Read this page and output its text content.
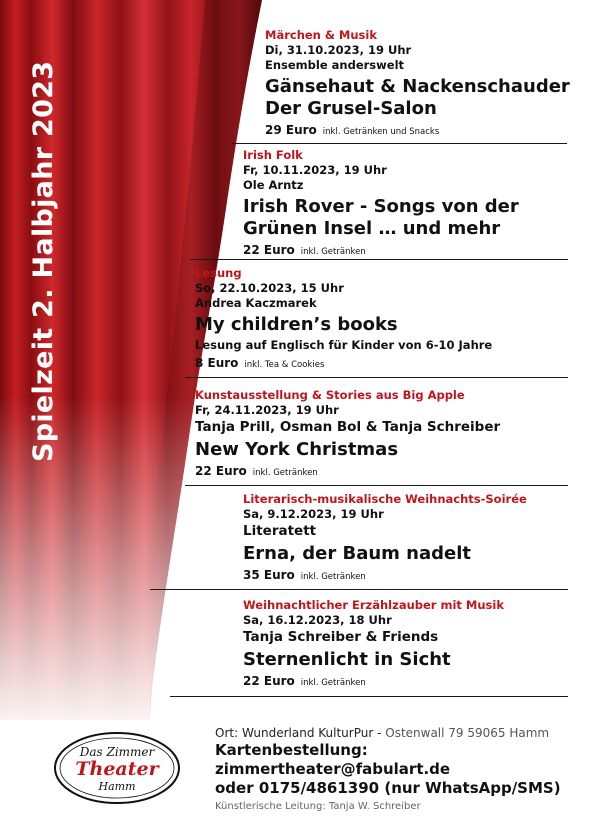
Spielzeit 2. Halbjahr 2023
Märchen & Musik
Di, 31.10.2023, 19 Uhr
Ensemble anderswelt
Gänsehaut & Nackenschauder
Der Grusel-Salon
29 Euro inkl. Getränken und Snacks
Irish Folk
Fr, 10.11.2023, 19 Uhr
Ole Arntz
Irish Rover - Songs von der
Grünen Insel … und mehr
22 Euro inkl. Getränken
Lesung
So, 22.10.2023, 15 Uhr
Andrea Kaczmarek
My children’s books
Lesung auf Englisch für Kinder von 6-10 Jahre
8 Euro inkl. Tea & Cookies
Kunstausstellung & Stories aus Big Apple
Fr, 24.11.2023, 19 Uhr
Tanja Prill, Osman Bol & Tanja Schreiber
New York Christmas
22 Euro inkl. Getränken
Literarisch-musikalische Weihnachts-Soirée
Sa, 9.12.2023, 19 Uhr
Literatett
Erna, der Baum nadelt
35 Euro inkl. Getränken
Weihnachtlicher Erzählzauber mit Musik
Sa, 16.12.2023, 18 Uhr
Tanja Schreiber & Friends
Sternenlicht in Sicht
22 Euro inkl. Getränken
Das Zimmer
Theater
Hamm
Ort: Wunderland KulturPur - Ostenwall 79 59065 Hamm
Kartenbestellung: zimmertheater@fabulart.de
oder 0175/4861390 (nur WhatsApp/SMS)
Künstlerische Leitung: Tanja W. Schreiber
